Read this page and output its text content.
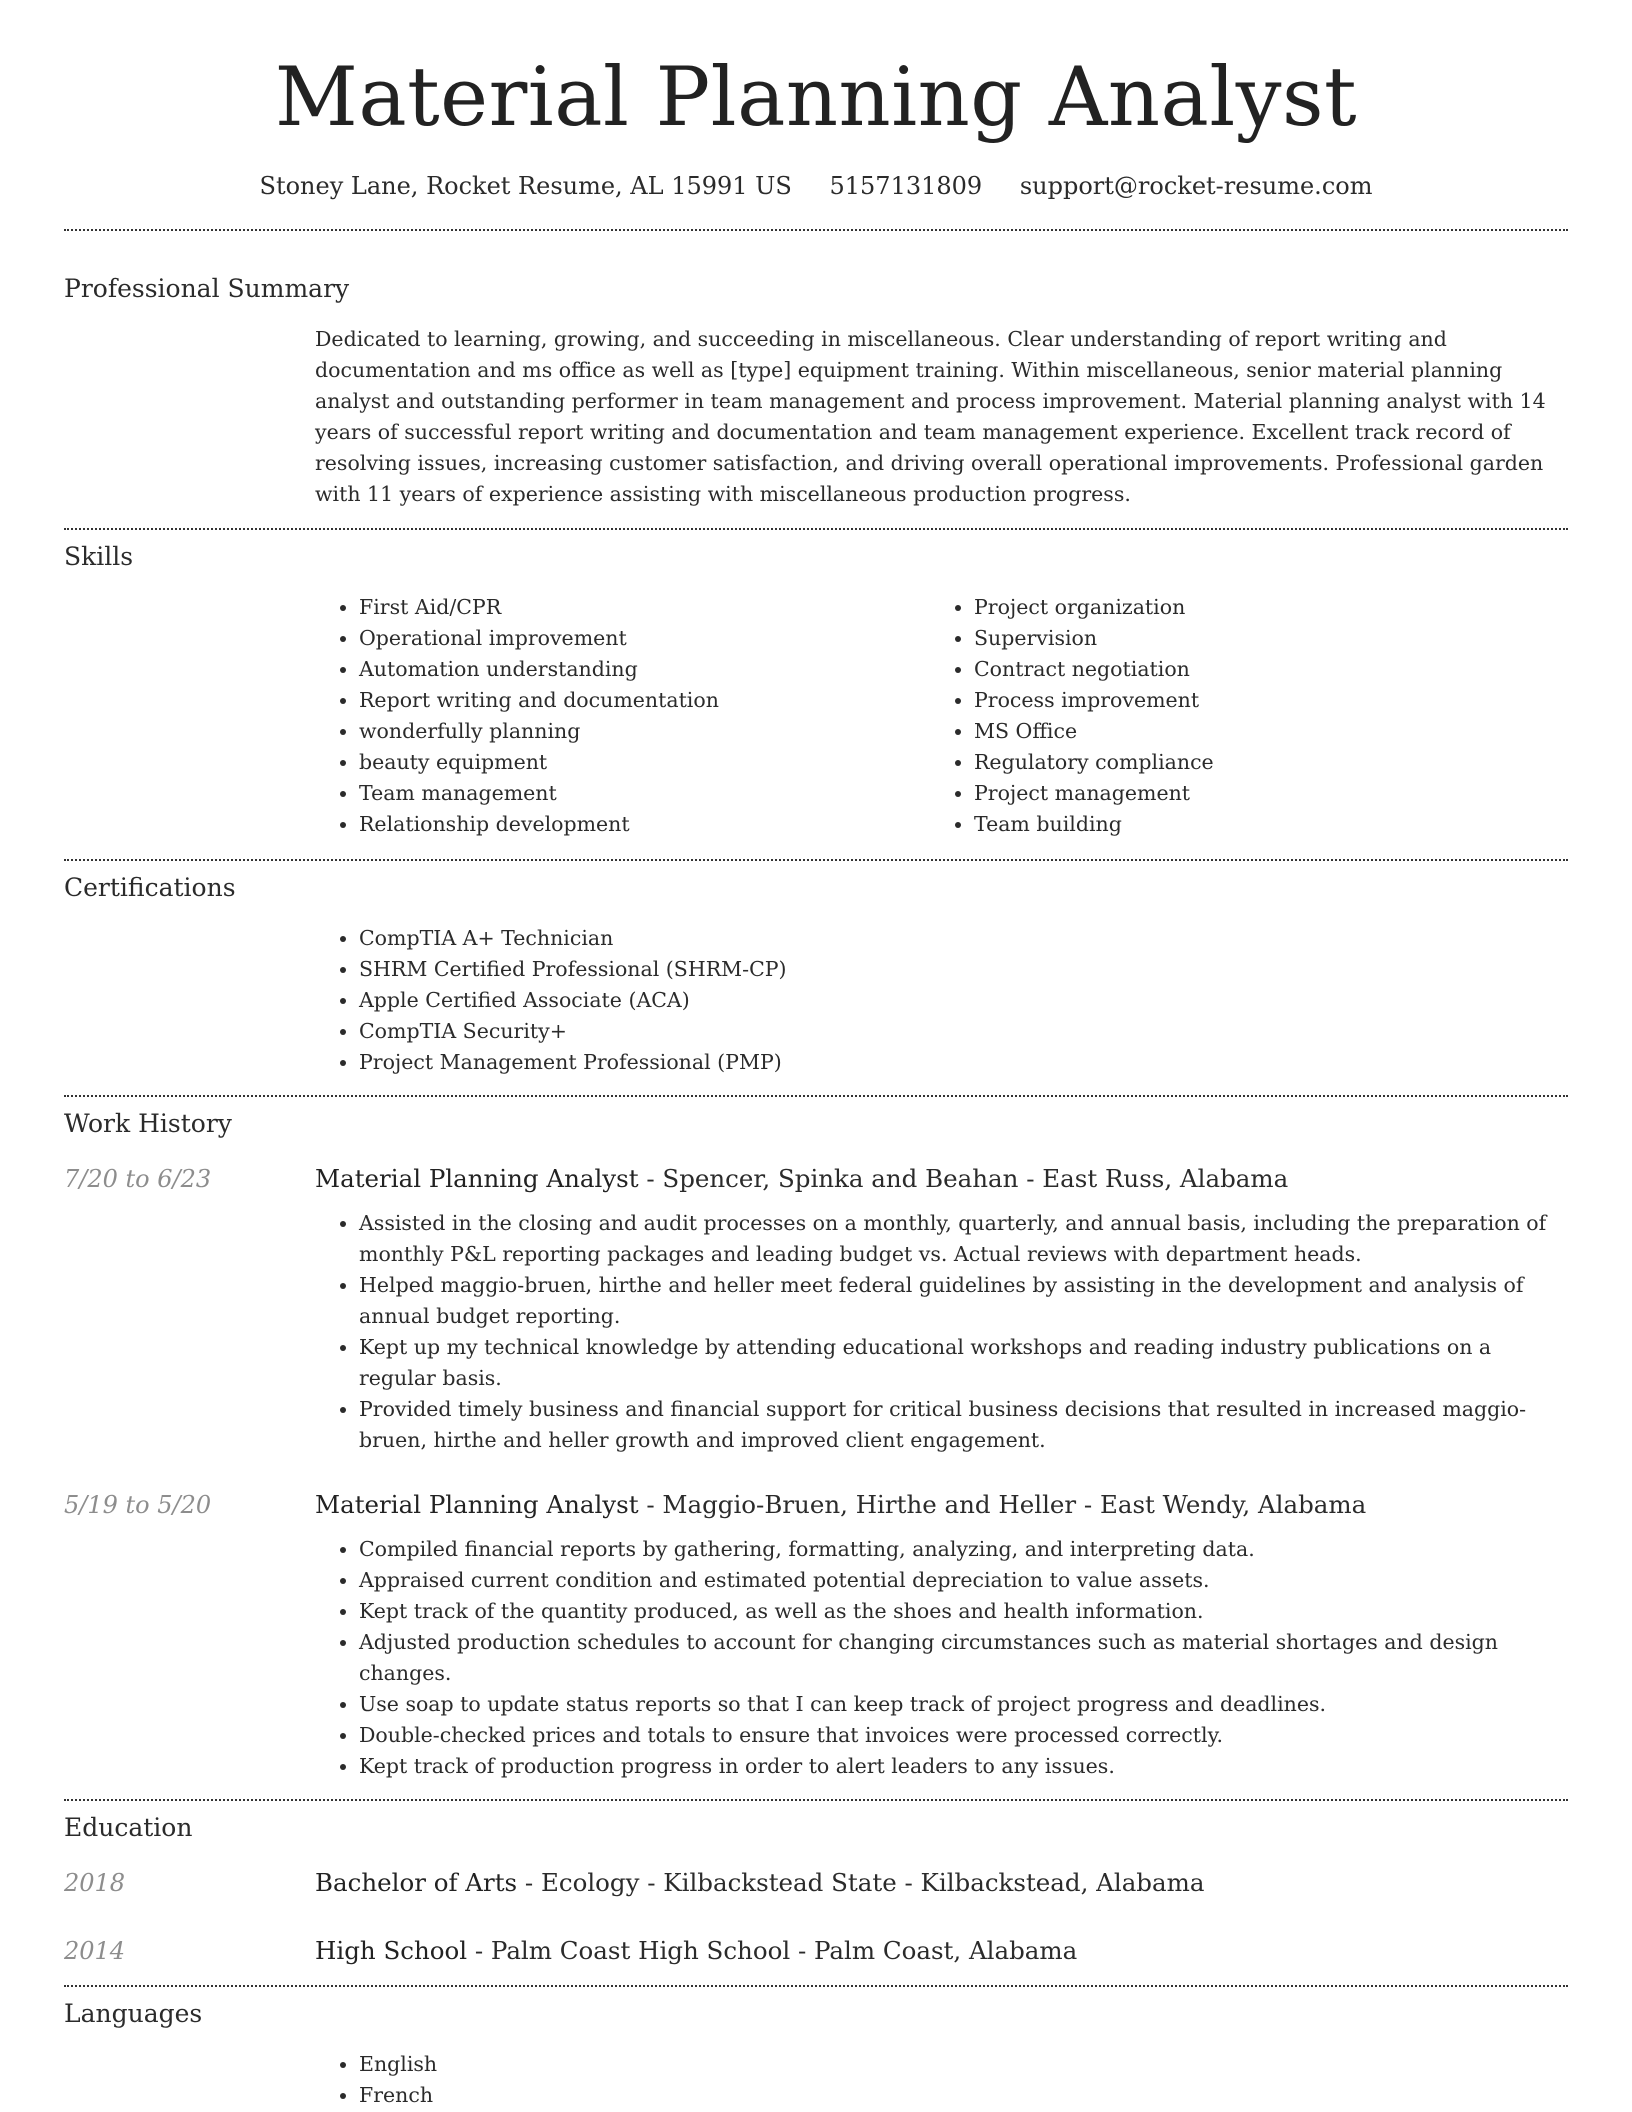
Material Planning Analyst
Stoney Lane, Rocket Resume, AL 15991 US 5157131809 support@rocket-resume.com
Professional Summary
Dedicated to learning, growing, and succeeding in miscellaneous. Clear understanding of report writing and documentation and ms office as well as [type] equipment training. Within miscellaneous, senior material planning analyst and outstanding performer in team management and process improvement. Material planning analyst with 14 years of successful report writing and documentation and team management experience. Excellent track record of resolving issues, increasing customer satisfaction, and driving overall operational improvements. Professional garden with 11 years of experience assisting with miscellaneous production progress.
Skills
• First Aid/CPR
• Operational improvement
• Automation understanding
• Report writing and documentation
• wonderfully planning
• beauty equipment
• Team management
• Relationship development
• Project organization
• Supervision
• Contract negotiation
• Process improvement
• MS Office
• Regulatory compliance
• Project management
• Team building
Certifications
• CompTIA A+ Technician
• SHRM Certified Professional (SHRM-CP)
• Apple Certified Associate (ACA)
• CompTIA Security+
• Project Management Professional (PMP)
Work History
7/20 to 6/23	Material Planning Analyst - Spencer, Spinka and Beahan - East Russ, Alabama
• Assisted in the closing and audit processes on a monthly, quarterly, and annual basis, including the preparation of monthly P&L reporting packages and leading budget vs. Actual reviews with department heads.
• Helped maggio-bruen, hirthe and heller meet federal guidelines by assisting in the development and analysis of annual budget reporting.
• Kept up my technical knowledge by attending educational workshops and reading industry publications on a regular basis.
• Provided timely business and financial support for critical business decisions that resulted in increased maggio-bruen, hirthe and heller growth and improved client engagement.
5/19 to 5/20	Material Planning Analyst - Maggio-Bruen, Hirthe and Heller - East Wendy, Alabama
• Compiled financial reports by gathering, formatting, analyzing, and interpreting data.
• Appraised current condition and estimated potential depreciation to value assets.
• Kept track of the quantity produced, as well as the shoes and health information.
• Adjusted production schedules to account for changing circumstances such as material shortages and design changes.
• Use soap to update status reports so that I can keep track of project progress and deadlines.
• Double-checked prices and totals to ensure that invoices were processed correctly.
• Kept track of production progress in order to alert leaders to any issues.
Education
2018	Bachelor of Arts - Ecology - Kilbackstead State - Kilbackstead, Alabama
2014	High School - Palm Coast High School - Palm Coast, Alabama
Languages
• English
• French
